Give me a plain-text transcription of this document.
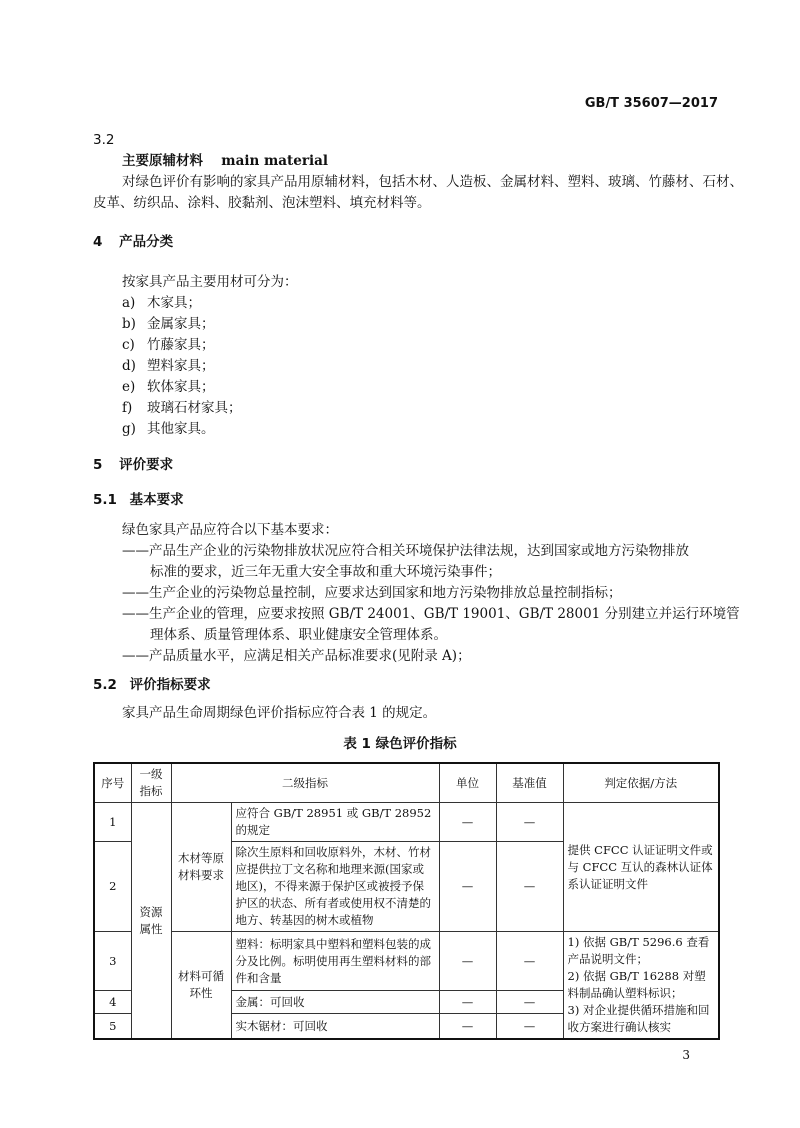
GB/T 35607—2017
3.2
主要原辅材料 main material
对绿色评价有影响的家具产品用原辅材料，包括木材、人造板、金属材料、塑料、玻璃、竹藤材、石材、
皮革、纺织品、涂料、胶黏剂、泡沫塑料、填充材料等。
4 产品分类
按家具产品主要用材可分为：
a) 木家具；
b) 金属家具；
c) 竹藤家具；
d) 塑料家具；
e) 软体家具；
f) 玻璃石材家具；
g) 其他家具。
5 评价要求
5.1 基本要求
绿色家具产品应符合以下基本要求：
——产品生产企业的污染物排放状况应符合相关环境保护法律法规，达到国家或地方污染物排放
标准的要求，近三年无重大安全事故和重大环境污染事件；
——生产企业的污染物总量控制，应要求达到国家和地方污染物排放总量控制指标；
——生产企业的管理，应要求按照 GB/T 24001、GB/T 19001、GB/T 28001 分别建立并运行环境管
理体系、质量管理体系、职业健康安全管理体系。
——产品质量水平，应满足相关产品标准要求(见附录 A)；
5.2 评价指标要求
家具产品生命周期绿色评价指标应符合表 1 的规定。
表 1 绿色评价指标
序号	一级指标	二级指标		单位	基准值	判定依据/方法
1	资源属性	木材等原材料要求	应符合 GB/T 28951 或 GB/T 28952 的规定	—	—	提供 CFCC 认证证明文件或与 CFCC 互认的森林认证体系认证证明文件
2			除次生原料和回收原料外，木材、竹材应提供拉丁文名称和地理来源(国家或地区)，不得来源于保护区或被授予保护区的状态、所有者或使用权不清楚的地方、转基因的树木或植物	—	—	
3		材料可循环性	塑料：标明家具中塑料和塑料包装的成分及比例。标明使用再生塑料材料的部件和含量	—	—	1) 依据 GB/T 5296.6 查看产品说明文件；

2) 依据 GB/T 16288 对塑料制品确认塑料标识；

3) 对企业提供循环措施和回收方案进行确认核实

4			金属：可回收	—	—	
5			实木锯材：可回收	—	—	
3
